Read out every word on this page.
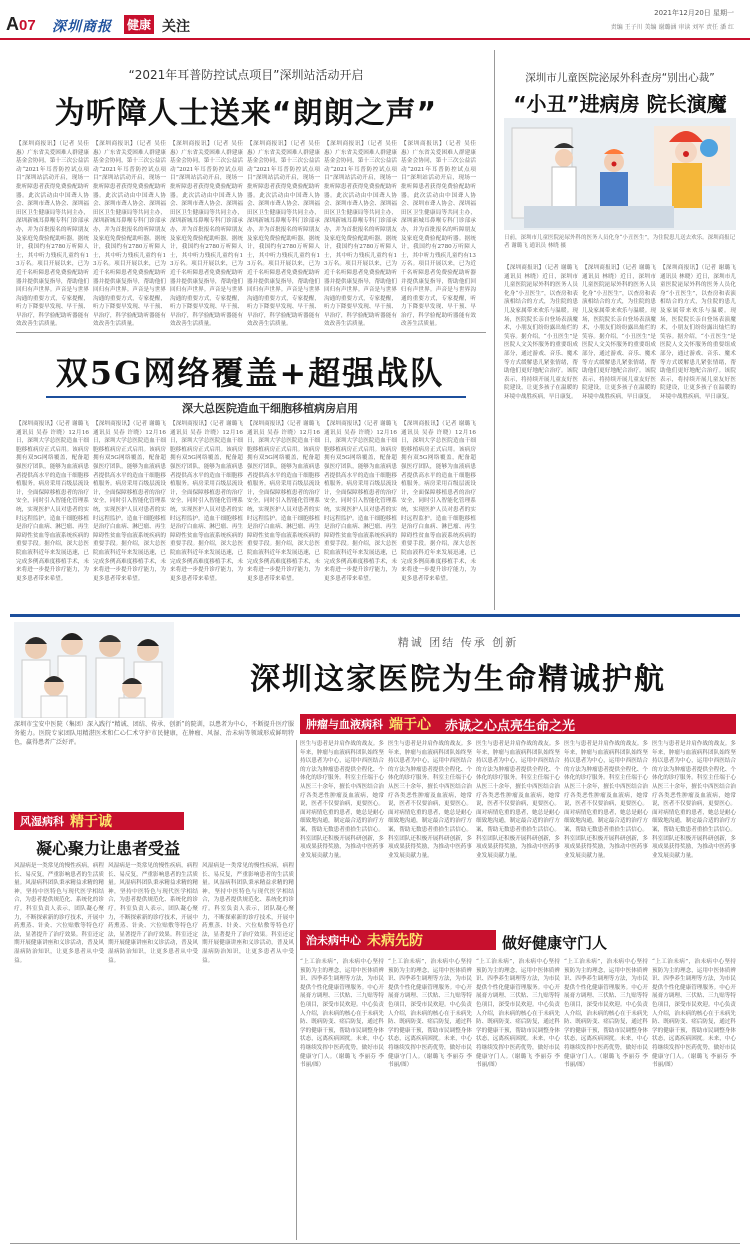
A07 深圳商报 健康 关注
2021年12月20日 星期一
责编 王子川 美编 谢璐涵 审读 刘军 责任 潘 红
“2021年耳普防控试点项目”深圳站活动开启
为听障人士送来“朗朗之声”
【深圳商报讯】（记者 吴佳 惠）广东省关爱困难人群建康基金会协同，第十三次公益活动“2021年耳普防控试点项目”深圳站活动开启，现场一批听障患者获得免费验配助听器。此次活动由中国聋人协会、深圳市聋人协会、深圳福田区卫生健康局等共同主办，深圳新城耳鼻喉专科门诊部承办，并为首批报名的听障朋友及家庭免费验配助听器。据统计，我国约有2780万听障人士，其中听力残疾儿童约有13万名。项目开展以来，已为近千名听障患者免费验配助听器并提供康复指导，帮助他们回归有声世界。声音是与世界沟通的重要方式，专家提醒，听力下降要早发现、早干预、早治疗，科学验配助听器能有效改善生活质量。
【深圳商报讯】（记者 吴佳 惠）广东省关爱困难人群建康基金会协同，第十三次公益活动“2021年耳普防控试点项目”深圳站活动开启，现场一批听障患者获得免费验配助听器。此次活动由中国聋人协会、深圳市聋人协会、深圳福田区卫生健康局等共同主办，深圳新城耳鼻喉专科门诊部承办，并为首批报名的听障朋友及家庭免费验配助听器。据统计，我国约有2780万听障人士，其中听力残疾儿童约有13万名。项目开展以来，已为近千名听障患者免费验配助听器并提供康复指导，帮助他们回归有声世界。声音是与世界沟通的重要方式，专家提醒，听力下降要早发现、早干预、早治疗，科学验配助听器能有效改善生活质量。
【深圳商报讯】（记者 吴佳 惠）广东省关爱困难人群建康基金会协同，第十三次公益活动“2021年耳普防控试点项目”深圳站活动开启，现场一批听障患者获得免费验配助听器。此次活动由中国聋人协会、深圳市聋人协会、深圳福田区卫生健康局等共同主办，深圳新城耳鼻喉专科门诊部承办，并为首批报名的听障朋友及家庭免费验配助听器。据统计，我国约有2780万听障人士，其中听力残疾儿童约有13万名。项目开展以来，已为近千名听障患者免费验配助听器并提供康复指导，帮助他们回归有声世界。声音是与世界沟通的重要方式，专家提醒，听力下降要早发现、早干预、早治疗，科学验配助听器能有效改善生活质量。
【深圳商报讯】（记者 吴佳 惠）广东省关爱困难人群建康基金会协同，第十三次公益活动“2021年耳普防控试点项目”深圳站活动开启，现场一批听障患者获得免费验配助听器。此次活动由中国聋人协会、深圳市聋人协会、深圳福田区卫生健康局等共同主办，深圳新城耳鼻喉专科门诊部承办，并为首批报名的听障朋友及家庭免费验配助听器。据统计，我国约有2780万听障人士，其中听力残疾儿童约有13万名。项目开展以来，已为近千名听障患者免费验配助听器并提供康复指导，帮助他们回归有声世界。声音是与世界沟通的重要方式，专家提醒，听力下降要早发现、早干预、早治疗，科学验配助听器能有效改善生活质量。
【深圳商报讯】（记者 吴佳 惠）广东省关爱困难人群建康基金会协同，第十三次公益活动“2021年耳普防控试点项目”深圳站活动开启，现场一批听障患者获得免费验配助听器。此次活动由中国聋人协会、深圳市聋人协会、深圳福田区卫生健康局等共同主办，深圳新城耳鼻喉专科门诊部承办，并为首批报名的听障朋友及家庭免费验配助听器。据统计，我国约有2780万听障人士，其中听力残疾儿童约有13万名。项目开展以来，已为近千名听障患者免费验配助听器并提供康复指导，帮助他们回归有声世界。声音是与世界沟通的重要方式，专家提醒，听力下降要早发现、早干预、早治疗，科学验配助听器能有效改善生活质量。
【深圳商报讯】（记者 吴佳 惠）广东省关爱困难人群建康基金会协同，第十三次公益活动“2021年耳普防控试点项目”深圳站活动开启，现场一批听障患者获得免费验配助听器。此次活动由中国聋人协会、深圳市聋人协会、深圳福田区卫生健康局等共同主办，深圳新城耳鼻喉专科门诊部承办，并为首批报名的听障朋友及家庭免费验配助听器。据统计，我国约有2780万听障人士，其中听力残疾儿童约有13万名。项目开展以来，已为近千名听障患者免费验配助听器并提供康复指导，帮助他们回归有声世界。声音是与世界沟通的重要方式，专家提醒，听力下降要早发现、早干预、早治疗，科学验配助听器能有效改善生活质量。
深圳市儿童医院泌尿外科查房“别出心裁”
“小丑”进病房 院长演魔
日前，深圳市儿童医院泌尿外科的医务人员化身“小丑医生”，为住院患儿送去欢乐。深圳商报记者 谢璐飞 通讯员 林晓 摄
【深圳商报讯】（记者 谢璐飞 通讯员 林晓）近日，深圳市儿童医院泌尿外科的医务人员化身“小丑医生”，以查房和表演相结合的方式，为住院的患儿及家属带来欢乐与温暖。现场，医院院长亲自登场表演魔术，小朋友们纷纷露出灿烂的笑容。据介绍，“小丑医生”是医院人文关怀服务的重要组成部分，通过游戏、音乐、魔术等方式缓解患儿紧张情绪，帮助他们更好地配合治疗。该院表示，将持续开展儿童友好医院建设，让更多孩子在温暖的环境中战胜疾病，早日康复。
【深圳商报讯】（记者 谢璐飞 通讯员 林晓）近日，深圳市儿童医院泌尿外科的医务人员化身“小丑医生”，以查房和表演相结合的方式，为住院的患儿及家属带来欢乐与温暖。现场，医院院长亲自登场表演魔术，小朋友们纷纷露出灿烂的笑容。据介绍，“小丑医生”是医院人文关怀服务的重要组成部分，通过游戏、音乐、魔术等方式缓解患儿紧张情绪，帮助他们更好地配合治疗。该院表示，将持续开展儿童友好医院建设，让更多孩子在温暖的环境中战胜疾病，早日康复。
【深圳商报讯】（记者 谢璐飞 通讯员 林晓）近日，深圳市儿童医院泌尿外科的医务人员化身“小丑医生”，以查房和表演相结合的方式，为住院的患儿及家属带来欢乐与温暖。现场，医院院长亲自登场表演魔术，小朋友们纷纷露出灿烂的笑容。据介绍，“小丑医生”是医院人文关怀服务的重要组成部分，通过游戏、音乐、魔术等方式缓解患儿紧张情绪，帮助他们更好地配合治疗。该院表示，将持续开展儿童友好医院建设，让更多孩子在温暖的环境中战胜疾病，早日康复。
双5G网络覆盖+超强战队
深大总医院造血干细胞移植病房启用
【深圳商报讯】（记者 谢璐飞 通讯员 吴春 许晓）12月16日，深圳大学总医院造血干细胞移植病房正式启用。该病房拥有双5G网络覆盖，配备超强医疗团队，能够为血液病患者提供高水平的造血干细胞移植服务。病房采用百级层流设计，全面保障移植患者的治疗安全，同时引入智能化管理系统，实现医护人员对患者的实时远程监护。造血干细胞移植是治疗白血病、淋巴瘤、再生障碍性贫血等血液系统疾病的重要手段。据介绍，深大总医院血液科近年来发展迅速，已完成多例高难度移植手术，未来将进一步提升诊疗能力，为更多患者带来希望。
【深圳商报讯】（记者 谢璐飞 通讯员 吴春 许晓）12月16日，深圳大学总医院造血干细胞移植病房正式启用。该病房拥有双5G网络覆盖，配备超强医疗团队，能够为血液病患者提供高水平的造血干细胞移植服务。病房采用百级层流设计，全面保障移植患者的治疗安全，同时引入智能化管理系统，实现医护人员对患者的实时远程监护。造血干细胞移植是治疗白血病、淋巴瘤、再生障碍性贫血等血液系统疾病的重要手段。据介绍，深大总医院血液科近年来发展迅速，已完成多例高难度移植手术，未来将进一步提升诊疗能力，为更多患者带来希望。
【深圳商报讯】（记者 谢璐飞 通讯员 吴春 许晓）12月16日，深圳大学总医院造血干细胞移植病房正式启用。该病房拥有双5G网络覆盖，配备超强医疗团队，能够为血液病患者提供高水平的造血干细胞移植服务。病房采用百级层流设计，全面保障移植患者的治疗安全，同时引入智能化管理系统，实现医护人员对患者的实时远程监护。造血干细胞移植是治疗白血病、淋巴瘤、再生障碍性贫血等血液系统疾病的重要手段。据介绍，深大总医院血液科近年来发展迅速，已完成多例高难度移植手术，未来将进一步提升诊疗能力，为更多患者带来希望。
【深圳商报讯】（记者 谢璐飞 通讯员 吴春 许晓）12月16日，深圳大学总医院造血干细胞移植病房正式启用。该病房拥有双5G网络覆盖，配备超强医疗团队，能够为血液病患者提供高水平的造血干细胞移植服务。病房采用百级层流设计，全面保障移植患者的治疗安全，同时引入智能化管理系统，实现医护人员对患者的实时远程监护。造血干细胞移植是治疗白血病、淋巴瘤、再生障碍性贫血等血液系统疾病的重要手段。据介绍，深大总医院血液科近年来发展迅速，已完成多例高难度移植手术，未来将进一步提升诊疗能力，为更多患者带来希望。
【深圳商报讯】（记者 谢璐飞 通讯员 吴春 许晓）12月16日，深圳大学总医院造血干细胞移植病房正式启用。该病房拥有双5G网络覆盖，配备超强医疗团队，能够为血液病患者提供高水平的造血干细胞移植服务。病房采用百级层流设计，全面保障移植患者的治疗安全，同时引入智能化管理系统，实现医护人员对患者的实时远程监护。造血干细胞移植是治疗白血病、淋巴瘤、再生障碍性贫血等血液系统疾病的重要手段。据介绍，深大总医院血液科近年来发展迅速，已完成多例高难度移植手术，未来将进一步提升诊疗能力，为更多患者带来希望。
【深圳商报讯】（记者 谢璐飞 通讯员 吴春 许晓）12月16日，深圳大学总医院造血干细胞移植病房正式启用。该病房拥有双5G网络覆盖，配备超强医疗团队，能够为血液病患者提供高水平的造血干细胞移植服务。病房采用百级层流设计，全面保障移植患者的治疗安全，同时引入智能化管理系统，实现医护人员对患者的实时远程监护。造血干细胞移植是治疗白血病、淋巴瘤、再生障碍性贫血等血液系统疾病的重要手段。据介绍，深大总医院血液科近年来发展迅速，已完成多例高难度移植手术，未来将进一步提升诊疗能力，为更多患者带来希望。
精诚 团结 传承 创新
深圳这家医院为生命精诚护航
深圳市宝安中医院（集团）深入践行“精诚、团结、传承、创新”的院训，以患者为中心，不断提升医疗服务能力。医院专家团队用精湛医术和仁心仁术守护市民健康，在肿瘤、风湿、治未病等领域形成鲜明特色，赢得患者广泛好评。
肿瘤与血液病科 端于心 赤诚之心点亮生命之光
医生与患者是并肩作战的战友。多年来，肿瘤与血液病科团队始终坚持以患者为中心，运用中西医结合的方法为肿瘤患者提供全程化、个体化的诊疗服务。科室主任端于心从医三十余年，擅长中西医结合治疗各类恶性肿瘤及血液病，她常说，医者不仅要治病，更要医心。面对病情危重的患者，她总是耐心细致地沟通，制定最合适的治疗方案，帮助无数患者重拾生活信心。科室团队还积极开展科研创新，多项成果获得奖励，为推动中医药事业发展贡献力量。
医生与患者是并肩作战的战友。多年来，肿瘤与血液病科团队始终坚持以患者为中心，运用中西医结合的方法为肿瘤患者提供全程化、个体化的诊疗服务。科室主任端于心从医三十余年，擅长中西医结合治疗各类恶性肿瘤及血液病，她常说，医者不仅要治病，更要医心。面对病情危重的患者，她总是耐心细致地沟通，制定最合适的治疗方案，帮助无数患者重拾生活信心。科室团队还积极开展科研创新，多项成果获得奖励，为推动中医药事业发展贡献力量。
医生与患者是并肩作战的战友。多年来，肿瘤与血液病科团队始终坚持以患者为中心，运用中西医结合的方法为肿瘤患者提供全程化、个体化的诊疗服务。科室主任端于心从医三十余年，擅长中西医结合治疗各类恶性肿瘤及血液病，她常说，医者不仅要治病，更要医心。面对病情危重的患者，她总是耐心细致地沟通，制定最合适的治疗方案，帮助无数患者重拾生活信心。科室团队还积极开展科研创新，多项成果获得奖励，为推动中医药事业发展贡献力量。
医生与患者是并肩作战的战友。多年来，肿瘤与血液病科团队始终坚持以患者为中心，运用中西医结合的方法为肿瘤患者提供全程化、个体化的诊疗服务。科室主任端于心从医三十余年，擅长中西医结合治疗各类恶性肿瘤及血液病，她常说，医者不仅要治病，更要医心。面对病情危重的患者，她总是耐心细致地沟通，制定最合适的治疗方案，帮助无数患者重拾生活信心。科室团队还积极开展科研创新，多项成果获得奖励，为推动中医药事业发展贡献力量。
医生与患者是并肩作战的战友。多年来，肿瘤与血液病科团队始终坚持以患者为中心，运用中西医结合的方法为肿瘤患者提供全程化、个体化的诊疗服务。科室主任端于心从医三十余年，擅长中西医结合治疗各类恶性肿瘤及血液病，她常说，医者不仅要治病，更要医心。面对病情危重的患者，她总是耐心细致地沟通，制定最合适的治疗方案，帮助无数患者重拾生活信心。科室团队还积极开展科研创新，多项成果获得奖励，为推动中医药事业发展贡献力量。
风湿病科 精于诚
凝心聚力让患者受益
风湿病是一类常见的慢性疾病，病程长、易反复，严重影响患者的生活质量。风湿病科团队秉承精益求精的精神，坚持中医特色与现代医学相结合，为患者提供规范化、系统化的诊疗。科室负责人表示，团队凝心聚力，不断探索新的诊疗技术，开展中药熏蒸、针灸、穴位贴敷等特色疗法，显著提升了治疗效果。科室还定期开展健康讲座和义诊活动，普及风湿病防治知识，让更多患者从中受益。
风湿病是一类常见的慢性疾病，病程长、易反复，严重影响患者的生活质量。风湿病科团队秉承精益求精的精神，坚持中医特色与现代医学相结合，为患者提供规范化、系统化的诊疗。科室负责人表示，团队凝心聚力，不断探索新的诊疗技术，开展中药熏蒸、针灸、穴位贴敷等特色疗法，显著提升了治疗效果。科室还定期开展健康讲座和义诊活动，普及风湿病防治知识，让更多患者从中受益。
风湿病是一类常见的慢性疾病，病程长、易反复，严重影响患者的生活质量。风湿病科团队秉承精益求精的精神，坚持中医特色与现代医学相结合，为患者提供规范化、系统化的诊疗。科室负责人表示，团队凝心聚力，不断探索新的诊疗技术，开展中药熏蒸、针灸、穴位贴敷等特色疗法，显著提升了治疗效果。科室还定期开展健康讲座和义诊活动，普及风湿病防治知识，让更多患者从中受益。
治未病中心 未病先防	做好健康守门人
“上工治未病”，治未病中心坚持预防为主的理念，运用中医体质辨识、四季养生调理等方法，为市民提供个性化健康管理服务。中心开展膏方调理、三伏贴、三九贴等特色项目，深受市民欢迎。中心负责人介绍，治未病的核心在于未病先防、既病防变、瘥后防复，通过科学的健康干预，帮助市民调整身体状态，远离疾病困扰。未来，中心将继续发挥中医药优势，做好市民健康守门人。（谢璐飞 李丽芬 李书丽/图）
“上工治未病”，治未病中心坚持预防为主的理念，运用中医体质辨识、四季养生调理等方法，为市民提供个性化健康管理服务。中心开展膏方调理、三伏贴、三九贴等特色项目，深受市民欢迎。中心负责人介绍，治未病的核心在于未病先防、既病防变、瘥后防复，通过科学的健康干预，帮助市民调整身体状态，远离疾病困扰。未来，中心将继续发挥中医药优势，做好市民健康守门人。（谢璐飞 李丽芬 李书丽/图）
“上工治未病”，治未病中心坚持预防为主的理念，运用中医体质辨识、四季养生调理等方法，为市民提供个性化健康管理服务。中心开展膏方调理、三伏贴、三九贴等特色项目，深受市民欢迎。中心负责人介绍，治未病的核心在于未病先防、既病防变、瘥后防复，通过科学的健康干预，帮助市民调整身体状态，远离疾病困扰。未来，中心将继续发挥中医药优势，做好市民健康守门人。（谢璐飞 李丽芬 李书丽/图）
“上工治未病”，治未病中心坚持预防为主的理念，运用中医体质辨识、四季养生调理等方法，为市民提供个性化健康管理服务。中心开展膏方调理、三伏贴、三九贴等特色项目，深受市民欢迎。中心负责人介绍，治未病的核心在于未病先防、既病防变、瘥后防复，通过科学的健康干预，帮助市民调整身体状态，远离疾病困扰。未来，中心将继续发挥中医药优势，做好市民健康守门人。（谢璐飞 李丽芬 李书丽/图）
“上工治未病”，治未病中心坚持预防为主的理念，运用中医体质辨识、四季养生调理等方法，为市民提供个性化健康管理服务。中心开展膏方调理、三伏贴、三九贴等特色项目，深受市民欢迎。中心负责人介绍，治未病的核心在于未病先防、既病防变、瘥后防复，通过科学的健康干预，帮助市民调整身体状态，远离疾病困扰。未来，中心将继续发挥中医药优势，做好市民健康守门人。（谢璐飞 李丽芬 李书丽/图）
